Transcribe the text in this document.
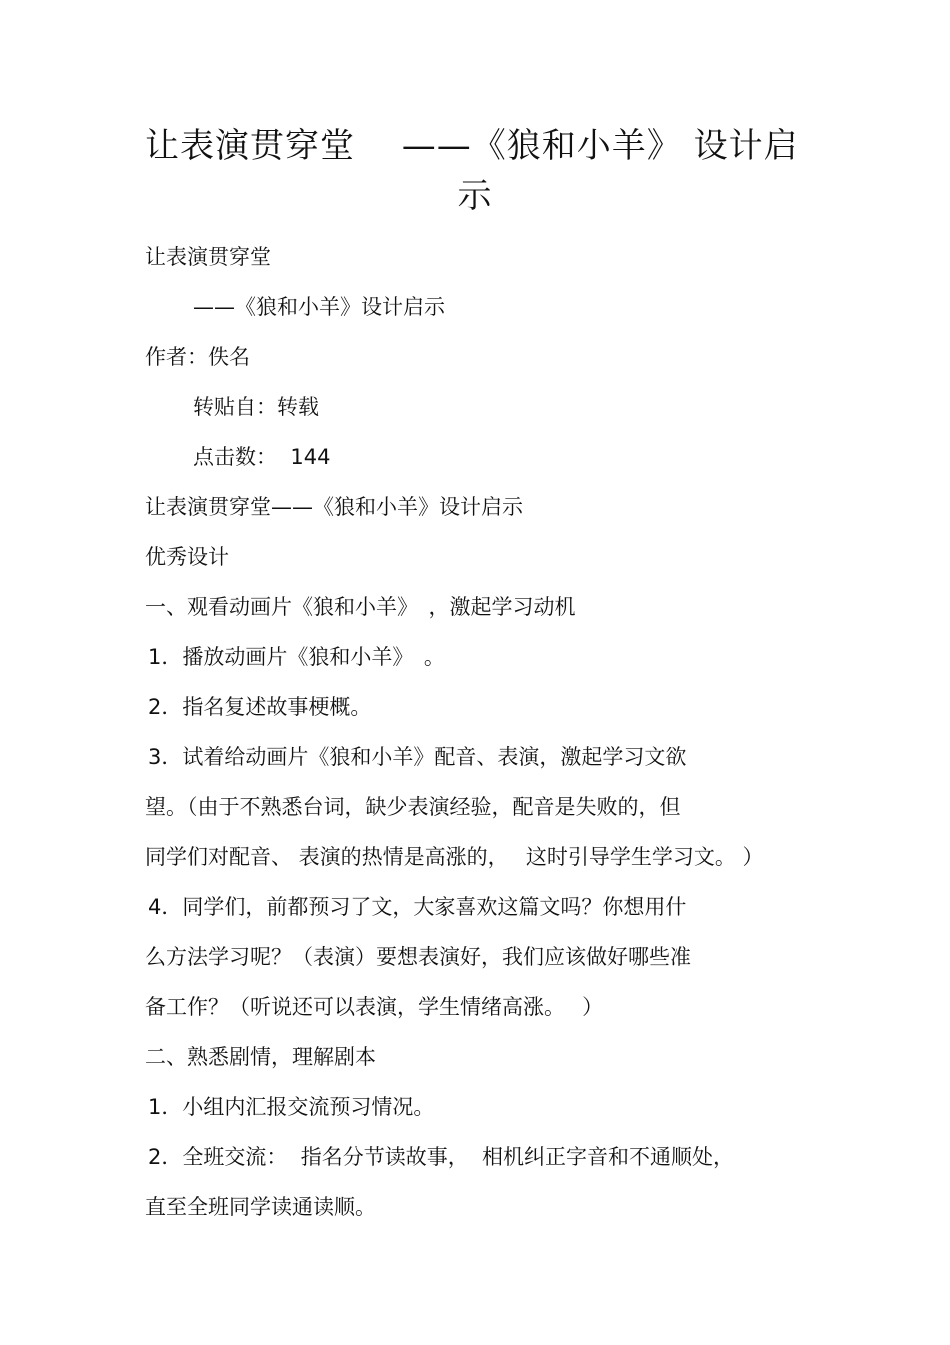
让表演贯穿堂　 ——《狼和小羊》 设计启
示
让表演贯穿堂
——《狼和小羊》设计启示
作者：佚名
转贴自：转载
点击数：  144
让表演贯穿堂——《狼和小羊》设计启示
优秀设计
一、观看动画片《狼和小羊》　，激起学习动机
1．播放动画片《狼和小羊》　。
2．指名复述故事梗概。
3．试着给动画片《狼和小羊》配音、表演，激起学习文欲
望。（由于不熟悉台词，缺少表演经验，配音是失败的，但
同学们对配音、 表演的热情是高涨的，　 这时引导学生学习文。 ）
4．同学们，前都预习了文，大家喜欢这篇文吗？你想用什
么方法学习呢？（表演）要想表演好，我们应该做好哪些准
备工作？（听说还可以表演，学生情绪高涨。　 ）
二、熟悉剧情，理解剧本
1．小组内汇报交流预习情况。
2．全班交流：  指名分节读故事，  相机纠正字音和不通顺处，
直至全班同学读通读顺。
